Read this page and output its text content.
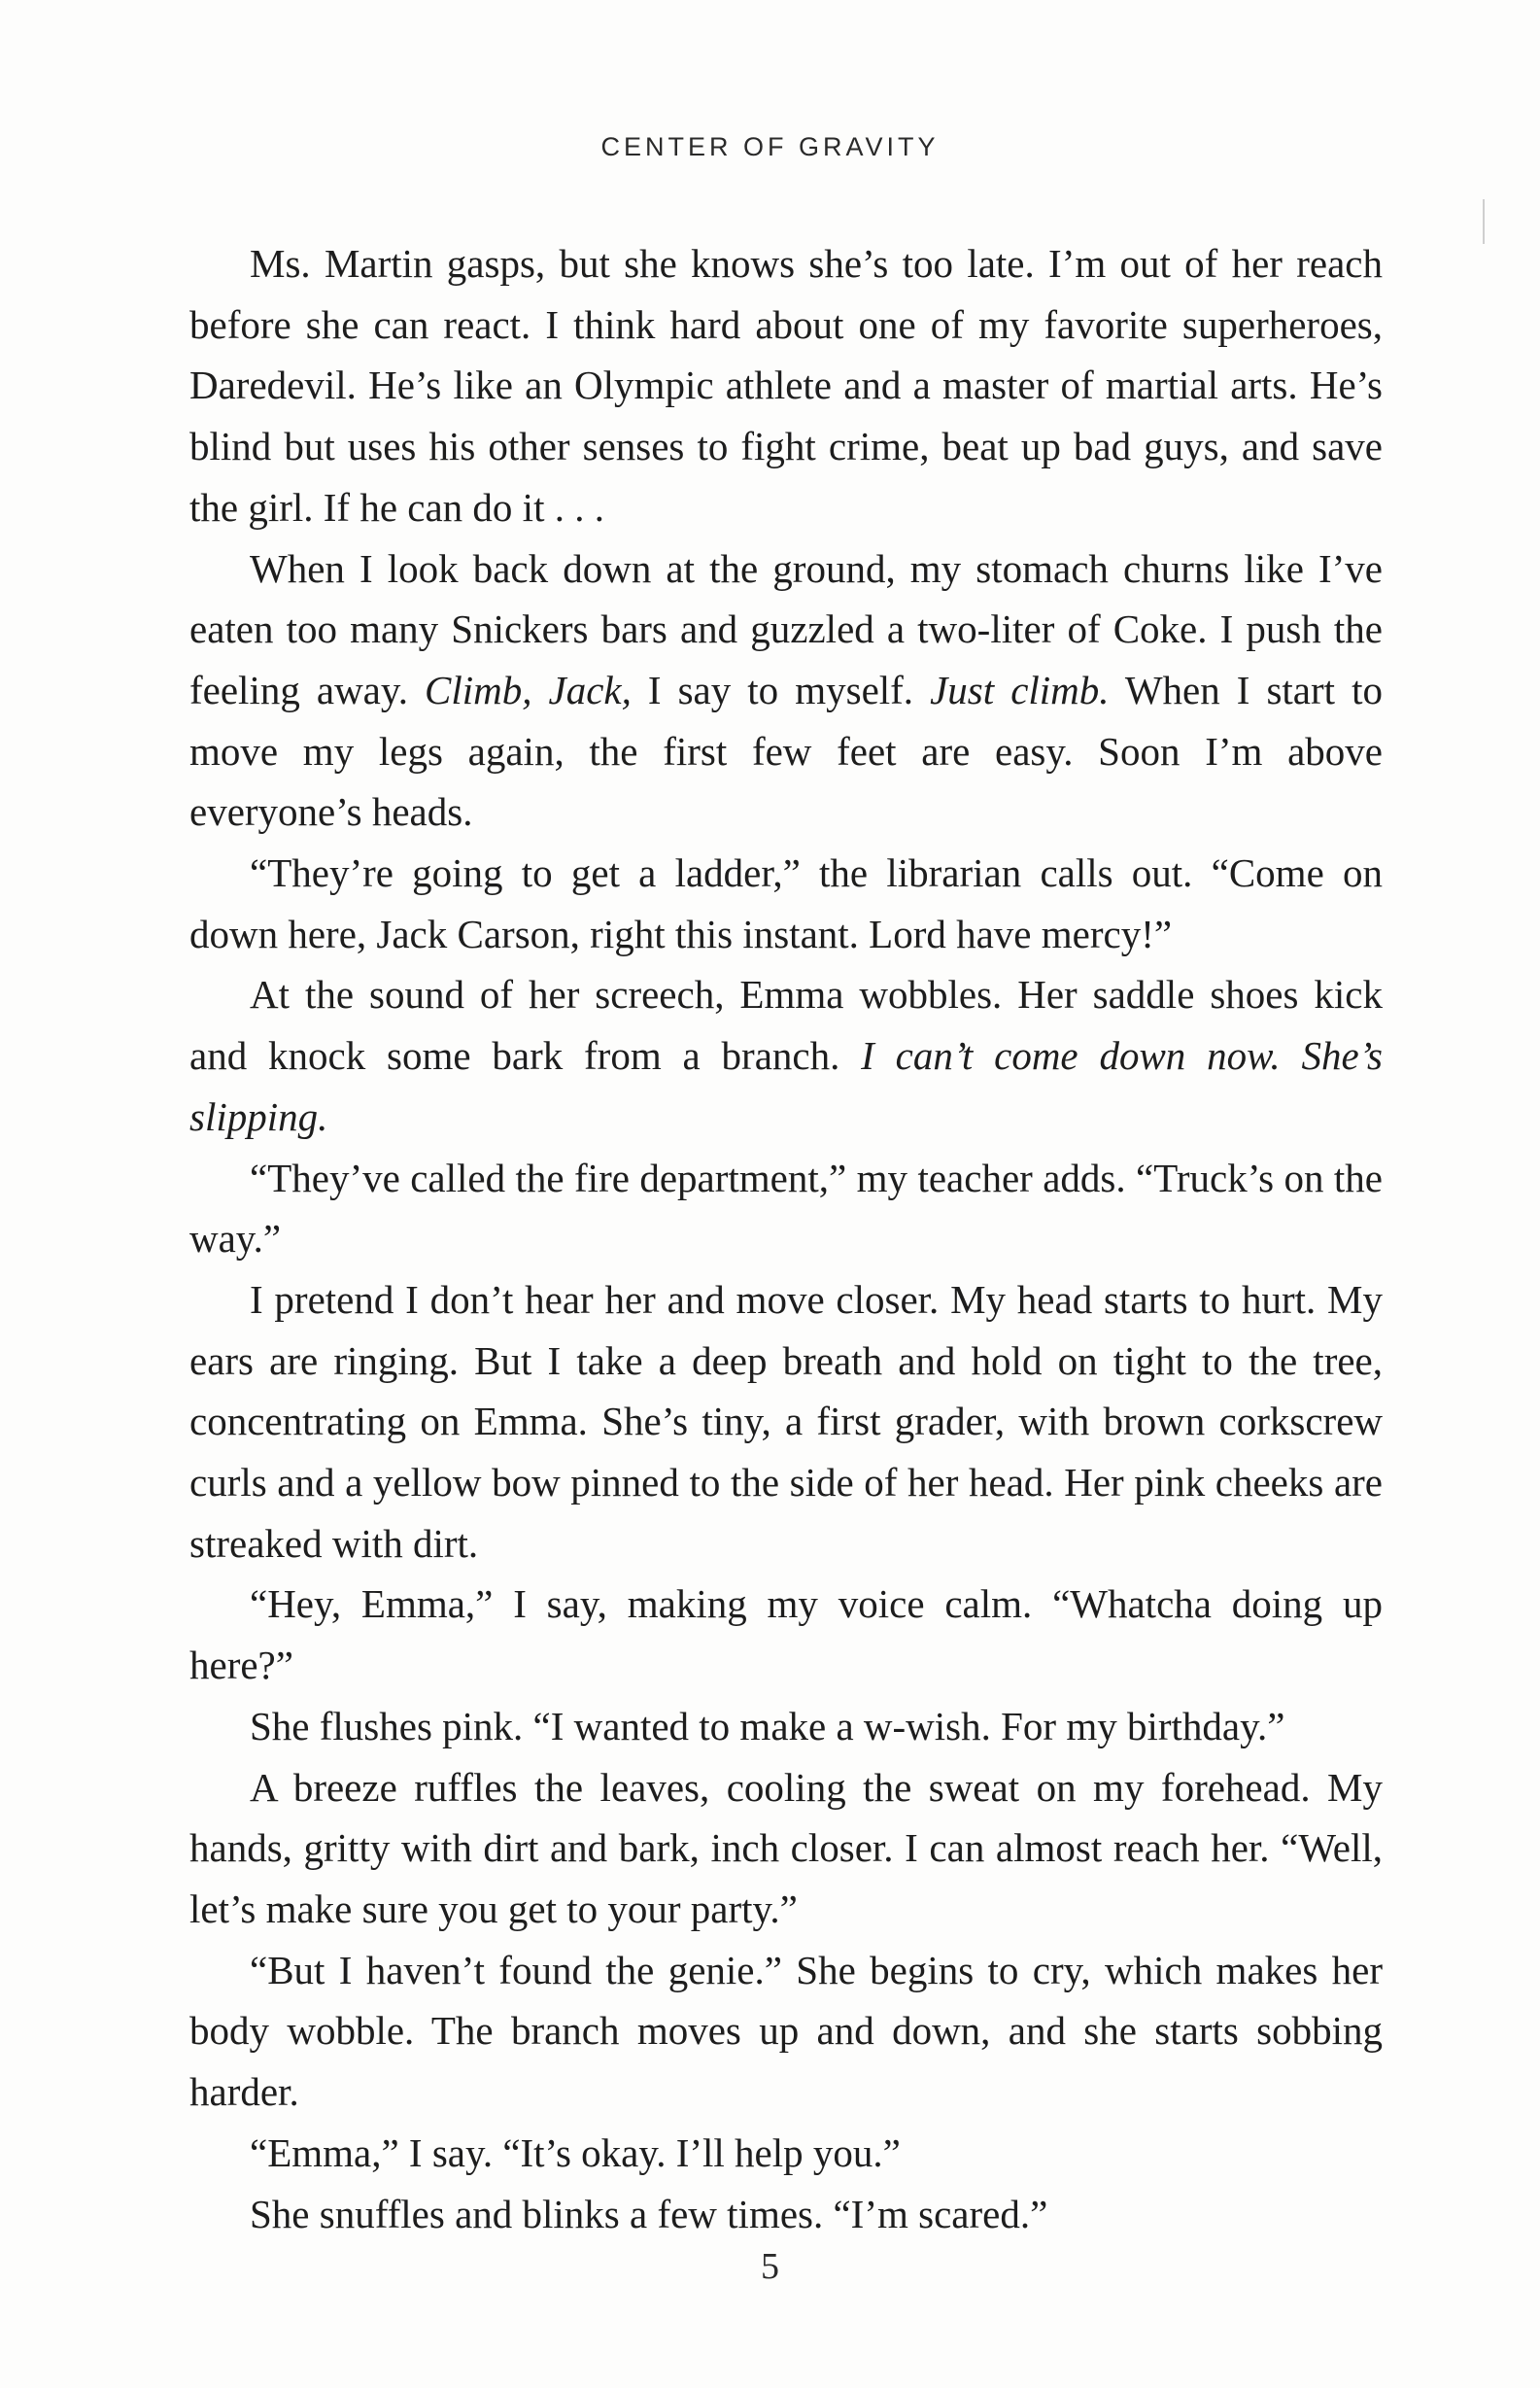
CENTER OF GRAVITY

Ms. Martin gasps, but she knows she’s too late. I’m out of her reach before she can react. I think hard about one of my favorite superheroes, Daredevil. He’s like an Olympic athlete and a master of martial arts. He’s blind but uses his other senses to fight crime, beat up bad guys, and save the girl. If he can do it . . .

When I look back down at the ground, my stomach churns like I’ve eaten too many Snickers bars and guzzled a two-liter of Coke. I push the feeling away. Climb, Jack, I say to myself. Just climb. When I start to move my legs again, the first few feet are easy. Soon I’m above everyone’s heads.

“They’re going to get a ladder,” the librarian calls out. “Come on down here, Jack Carson, right this instant. Lord have mercy!”

At the sound of her screech, Emma wobbles. Her saddle shoes kick and knock some bark from a branch. I can’t come down now. She’s slipping.

“They’ve called the fire department,” my teacher adds. “Truck’s on the way.”

I pretend I don’t hear her and move closer. My head starts to hurt. My ears are ringing. But I take a deep breath and hold on tight to the tree, concentrating on Emma. She’s tiny, a first grader, with brown corkscrew curls and a yellow bow pinned to the side of her head. Her pink cheeks are streaked with dirt.

“Hey, Emma,” I say, making my voice calm. “Whatcha doing up here?”

She flushes pink. “I wanted to make a w-wish. For my birthday.”

A breeze ruffles the leaves, cooling the sweat on my forehead. My hands, gritty with dirt and bark, inch closer. I can almost reach her. “Well, let’s make sure you get to your party.”

“But I haven’t found the genie.” She begins to cry, which makes her body wobble. The branch moves up and down, and she starts sobbing harder.

“Emma,” I say. “It’s okay. I’ll help you.”

She snuffles and blinks a few times. “I’m scared.”

5
